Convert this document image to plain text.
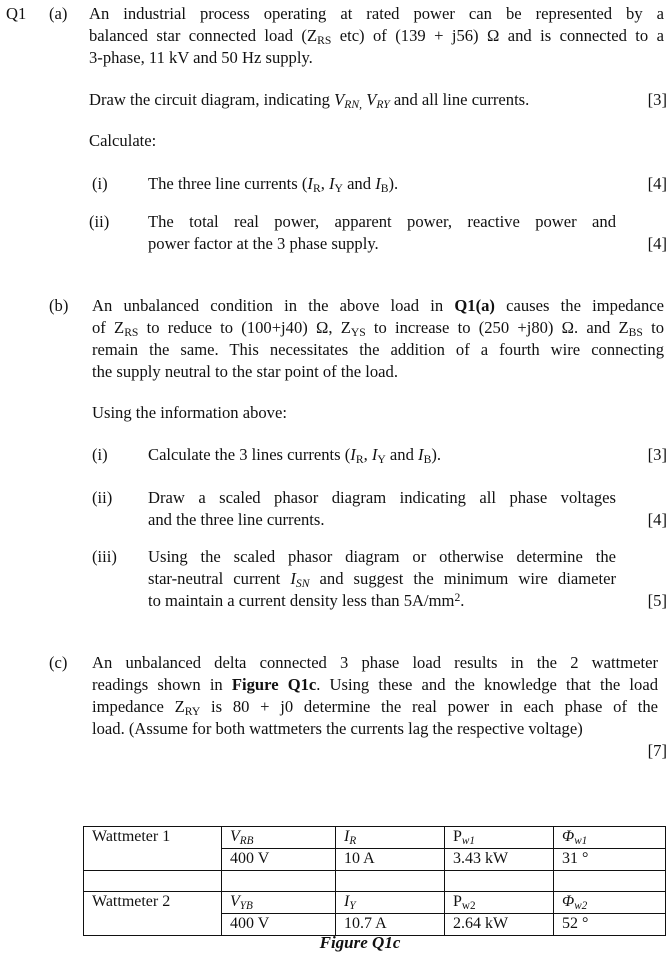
Q1 (a) An industrial process operating at rated power can be represented by a
balanced star connected load ($Z_{RS}$ etc) of (139 + j56) Ω and is connected to a
3-phase, 11 kV and 50 Hz supply.
Draw the circuit diagram, indicating $V_{RN,}$ $V_{RY}$ and all line currents.	[3]
Calculate:
(i) The three line currents ($I_R$, $I_Y$ and $I_B$).	[4]
(ii) The total real power, apparent power, reactive power and
power factor at the 3 phase supply.	[4]
(b) An unbalanced condition in the above load in Q1(a) causes the impedance
of $Z_{RS}$ to reduce to (100+j40) Ω, $Z_{YS}$ to increase to (250 +j80) Ω. and $Z_{BS}$ to
remain the same. This necessitates the addition of a fourth wire connecting
the supply neutral to the star point of the load.
Using the information above:
(i) Calculate the 3 lines currents ($I_R$, $I_Y$ and $I_B$).	[3]
(ii) Draw a scaled phasor diagram indicating all phase voltages
and the three line currents.	[4]
(iii) Using the scaled phasor diagram or otherwise determine the
star-neutral current $I_{SN}$ and suggest the minimum wire diameter
to maintain a current density less than $5A/mm^2$.	[5]
(c) An unbalanced delta connected 3 phase load results in the 2 wattmeter
readings shown in Figure Q1c. Using these and the knowledge that the load
impedance $Z_{RY}$ is 80 + j0 determine the real power in each phase of the
load. (Assume for both wattmeters the currents lag the respective voltage)
[7]
Wattmeter 1	$V_{RB}$	$I_R$	$P_{w1}$	$\Phi_{w1}$
	400 V	10 A	3.43 kW	31 °

Wattmeter 2	$V_{YB}$	$I_Y$	$P_{w2}$	$\Phi_{w2}$
	400 V	10.7 A	2.64 kW	52 °
Figure Q1c
